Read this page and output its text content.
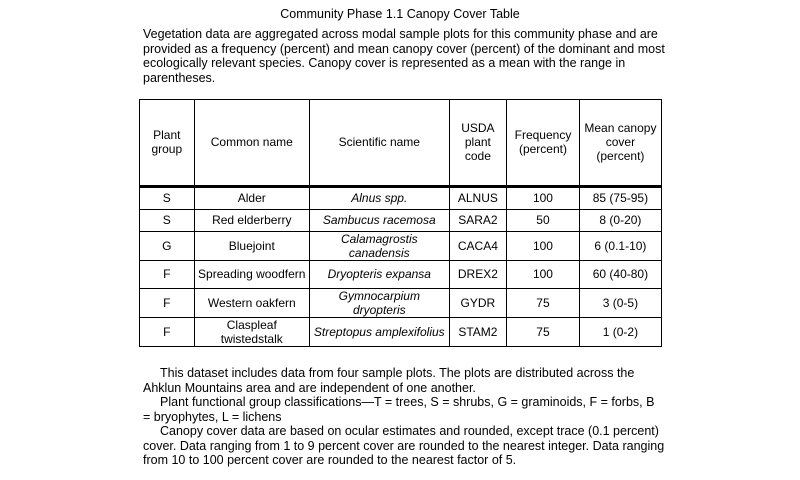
Community Phase 1.1 Canopy Cover Table

Vegetation data are aggregated across modal sample plots for this community phase and are provided as a frequency (percent) and mean canopy cover (percent) of the dominant and most ecologically relevant species. Canopy cover is represented as a mean with the range in parentheses.

Plant group	Common name	Scientific name	USDA plant code	Frequency (percent)	Mean canopy cover (percent)

S	Alder	Alnus spp.	ALNUS	100	85 (75-95)
S	Red elderberry	Sambucus racemosa	SARA2	50	8 (0-20)
G	Bluejoint	Calamagrostis canadensis	CACA4	100	6 (0.1-10)
F	Spreading woodfern	Dryopteris expansa	DREX2	100	60 (40-80)
F	Western oakfern	Gymnocarpium dryopteris	GYDR	75	3 (0-5)
F	Claspleaf twistedstalk	Streptopus amplexifolius	STAM2	75	1 (0-2)

This dataset includes data from four sample plots. The plots are distributed across the Ahklun Mountains area and are independent of one another.

Plant functional group classifications—T = trees, S = shrubs, G = graminoids, F = forbs, B = bryophytes, L = lichens

Canopy cover data are based on ocular estimates and rounded, except trace (0.1 percent) cover. Data ranging from 1 to 9 percent cover are rounded to the nearest integer. Data ranging from 10 to 100 percent cover are rounded to the nearest factor of 5.
